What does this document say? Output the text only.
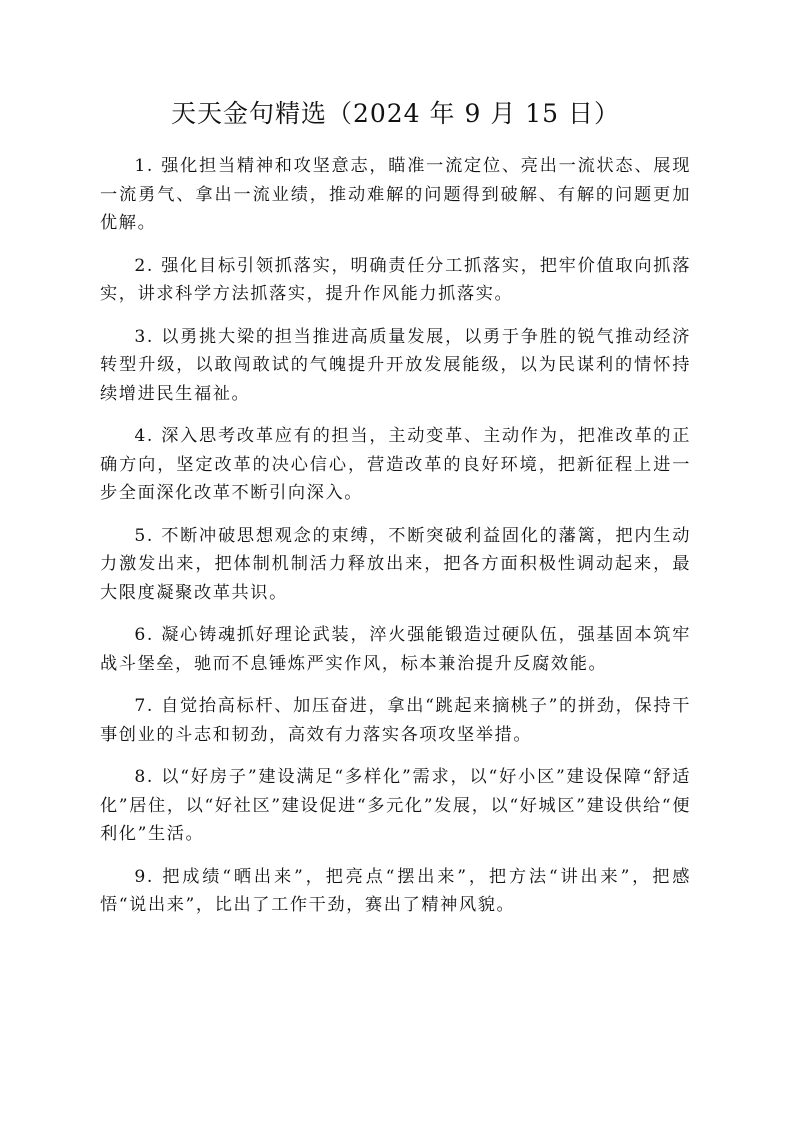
天天金句精选（2024 年 9 月 15 日）

1. 强化担当精神和攻坚意志，瞄准一流定位、亮出一流状态、展现一流勇气、拿出一流业绩，推动难解的问题得到破解、有解的问题更加优解。

2. 强化目标引领抓落实，明确责任分工抓落实，把牢价值取向抓落实，讲求科学方法抓落实，提升作风能力抓落实。

3. 以勇挑大梁的担当推进高质量发展，以勇于争胜的锐气推动经济转型升级，以敢闯敢试的气魄提升开放发展能级，以为民谋利的情怀持续增进民生福祉。

4. 深入思考改革应有的担当，主动变革、主动作为，把准改革的正确方向，坚定改革的决心信心，营造改革的良好环境，把新征程上进一步全面深化改革不断引向深入。

5. 不断冲破思想观念的束缚，不断突破利益固化的藩篱，把内生动力激发出来，把体制机制活力释放出来，把各方面积极性调动起来，最大限度凝聚改革共识。

6. 凝心铸魂抓好理论武装，淬火强能锻造过硬队伍，强基固本筑牢战斗堡垒，驰而不息锤炼严实作风，标本兼治提升反腐效能。

7. 自觉抬高标杆、加压奋进，拿出“跳起来摘桃子”的拼劲，保持干事创业的斗志和韧劲，高效有力落实各项攻坚举措。

8. 以“好房子”建设满足“多样化”需求，以“好小区”建设保障“舒适化”居住，以“好社区”建设促进“多元化”发展，以“好城区”建设供给“便利化”生活。

9. 把成绩“晒出来”，把亮点“摆出来”，把方法“讲出来”，把感悟“说出来”，比出了工作干劲，赛出了精神风貌。
